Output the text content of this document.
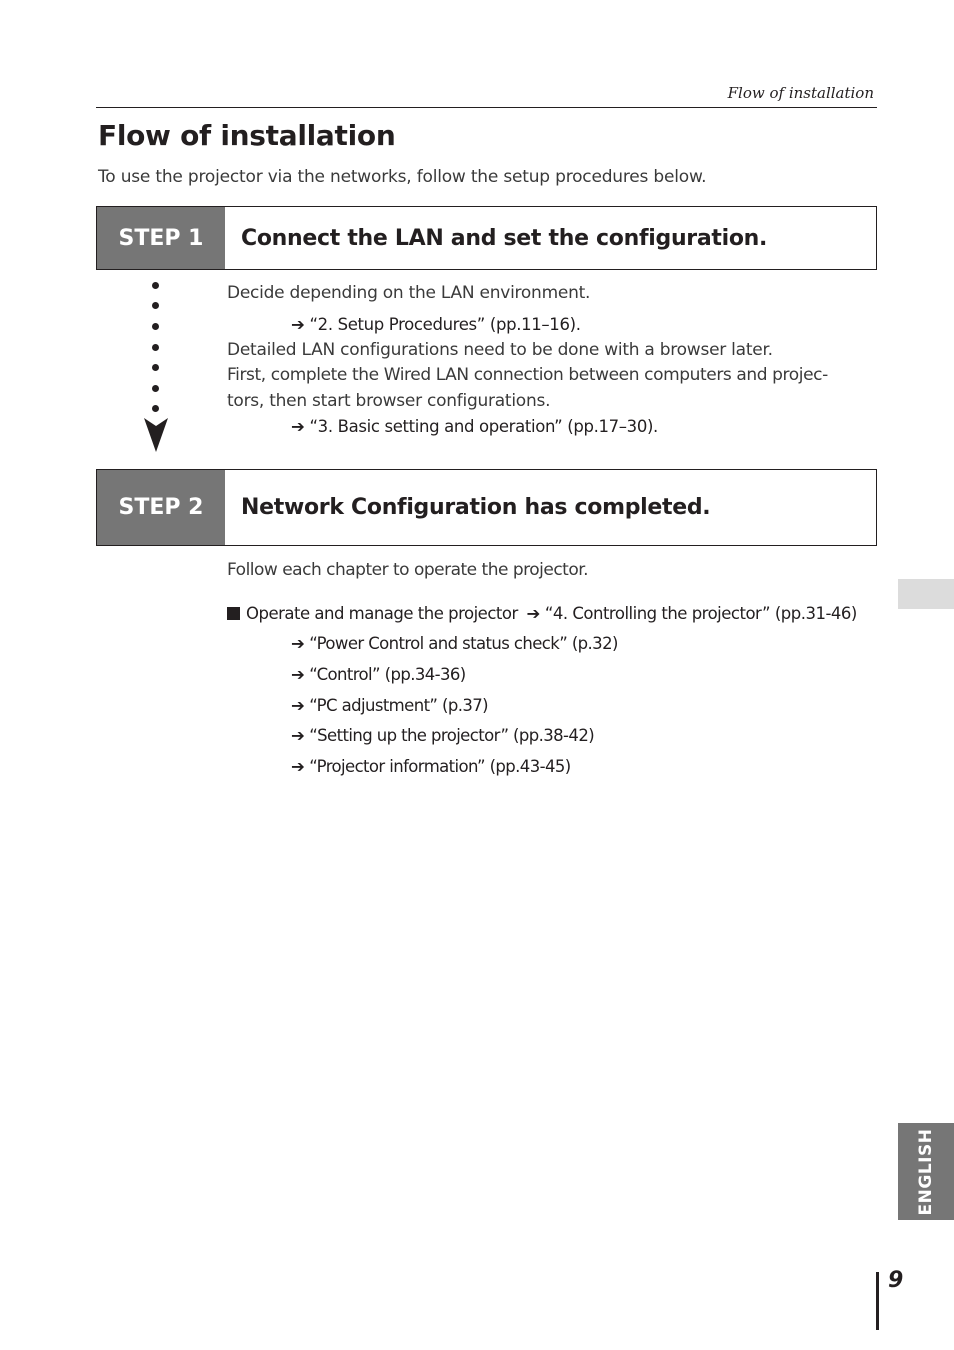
Flow of installation
Flow of installation
To use the projector via the networks, follow the setup procedures below.
STEP 1	Connect the LAN and set the configuration.
Decide depending on the LAN environment.
➔ “2. Setup Procedures” (pp.11–16).
Detailed LAN configurations need to be done with a browser later.
First, complete the Wired LAN connection between computers and projec-
tors, then start browser configurations.
➔ “3. Basic setting and operation” (pp.17–30).
STEP 2	Network Configuration has completed.
Follow each chapter to operate the projector.
Operate and manage the projector ➔ “4. Controlling the projector” (pp.31-46)
➔ “Power Control and status check” (p.32)
➔ “Control” (pp.34-36)
➔ “PC adjustment” (p.37)
➔ “Setting up the projector” (pp.38-42)
➔ “Projector information” (pp.43-45)
ENGLISH
9
